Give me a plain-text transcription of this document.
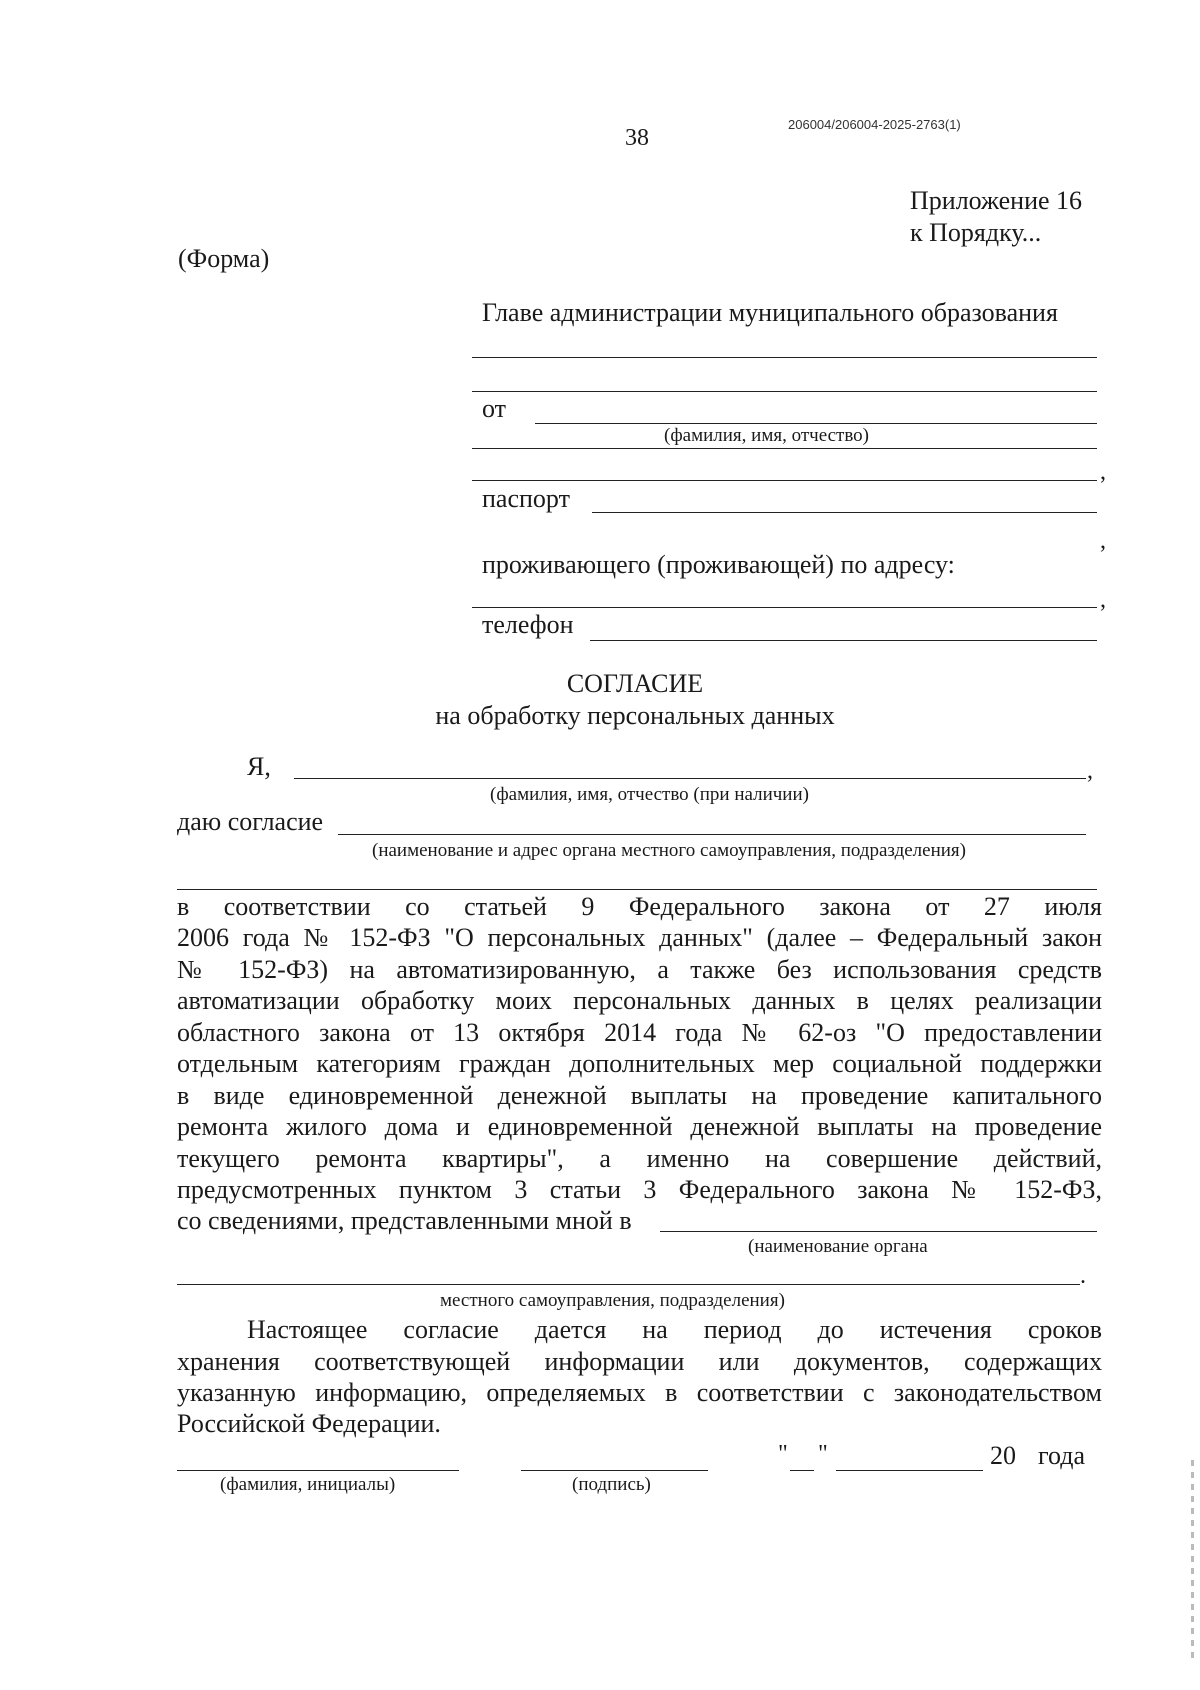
38
206004/206004-2025-2763(1)
Приложение 16
к Порядку...
(Форма)
Главе администрации муниципального образования
от
(фамилия, имя, отчество)
,
паспорт
,
проживающего (проживающей) по адресу:
,
телефон
СОГЛАСИЕ
на обработку персональных данных
Я,	,
(фамилия, имя, отчество (при наличии)
даю согласие
(наименование и адрес органа местного самоуправления, подразделения)
в соответствии со статьей 9 Федерального закона от 27 июля
2006 года № 152-ФЗ "О персональных данных" (далее – Федеральный закон
№ 152-ФЗ) на автоматизированную, а также без использования средств
автоматизации обработку моих персональных данных в целях реализации
областного закона от 13 октября 2014 года № 62-оз "О предоставлении
отдельным категориям граждан дополнительных мер социальной поддержки
в виде единовременной денежной выплаты на проведение капитального
ремонта жилого дома и единовременной денежной выплаты на проведение
текущего ремонта квартиры", а именно на совершение действий,
предусмотренных пунктом 3 статьи 3 Федерального закона № 152-ФЗ,
со сведениями, представленными мной в
(наименование органа
.
местного самоуправления, подразделения)
Настоящее согласие дается на период до истечения сроков
хранения соответствующей информации или документов, содержащих
указанную информацию, определяемых в соответствии с законодательством
Российской Федерации.
" "	20 года
(фамилия, инициалы)	(подпись)
